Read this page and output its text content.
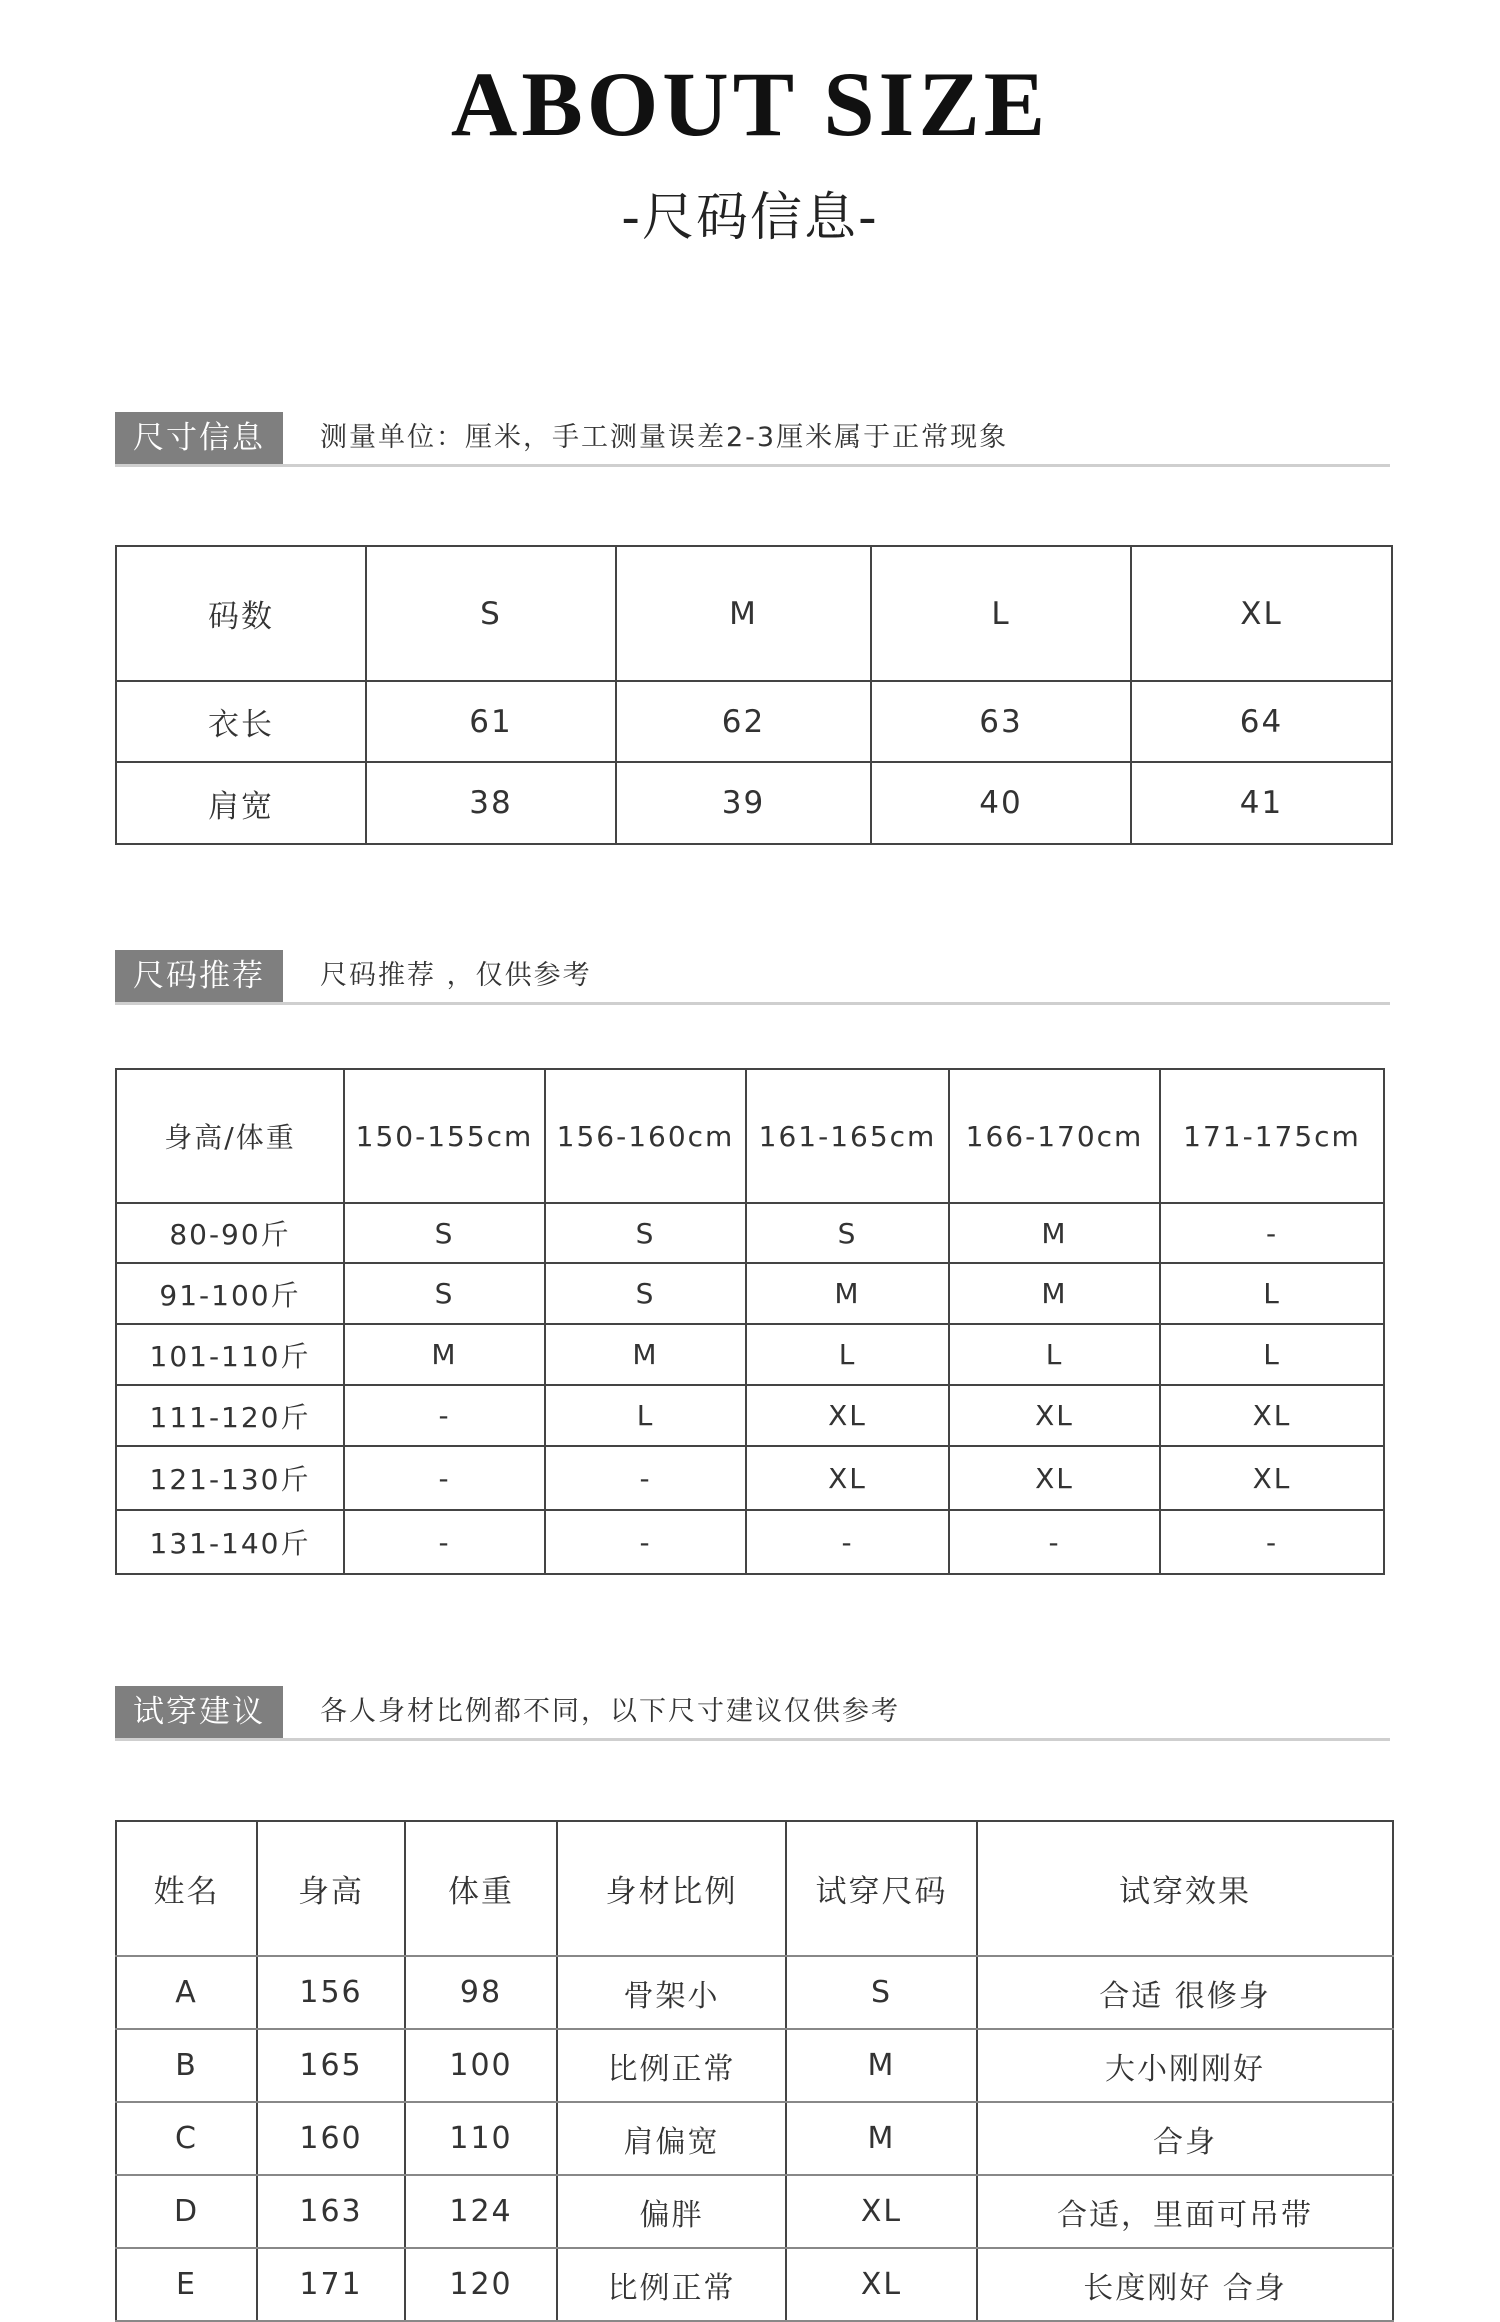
ABOUT SIZE
-尺码信息-
尺寸信息	测量单位：厘米，手工测量误差2-3厘米属于正常现象
码数	S	M	L	XL
衣长	61	62	63	64
肩宽	38	39	40	41
尺码推荐	尺码推荐 ，仅供参考
身高/体重	150-155cm	156-160cm	161-165cm	166-170cm	171-175cm
80-90斤	S	S	S	M	-
91-100斤	S	S	M	M	L
101-110斤	M	M	L	L	L
111-120斤	-	L	XL	XL	XL
121-130斤	-	-	XL	XL	XL
131-140斤	-	-	-	-	-
试穿建议	各人身材比例都不同，以下尺寸建议仅供参考
姓名	身高	体重	身材比例	试穿尺码	试穿效果
A	156	98	骨架小	S	合适 很修身
B	165	100	比例正常	M	大小刚刚好
C	160	110	肩偏宽	M	合身
D	163	124	偏胖	XL	合适，里面可吊带
E	171	120	比例正常	XL	长度刚好 合身
